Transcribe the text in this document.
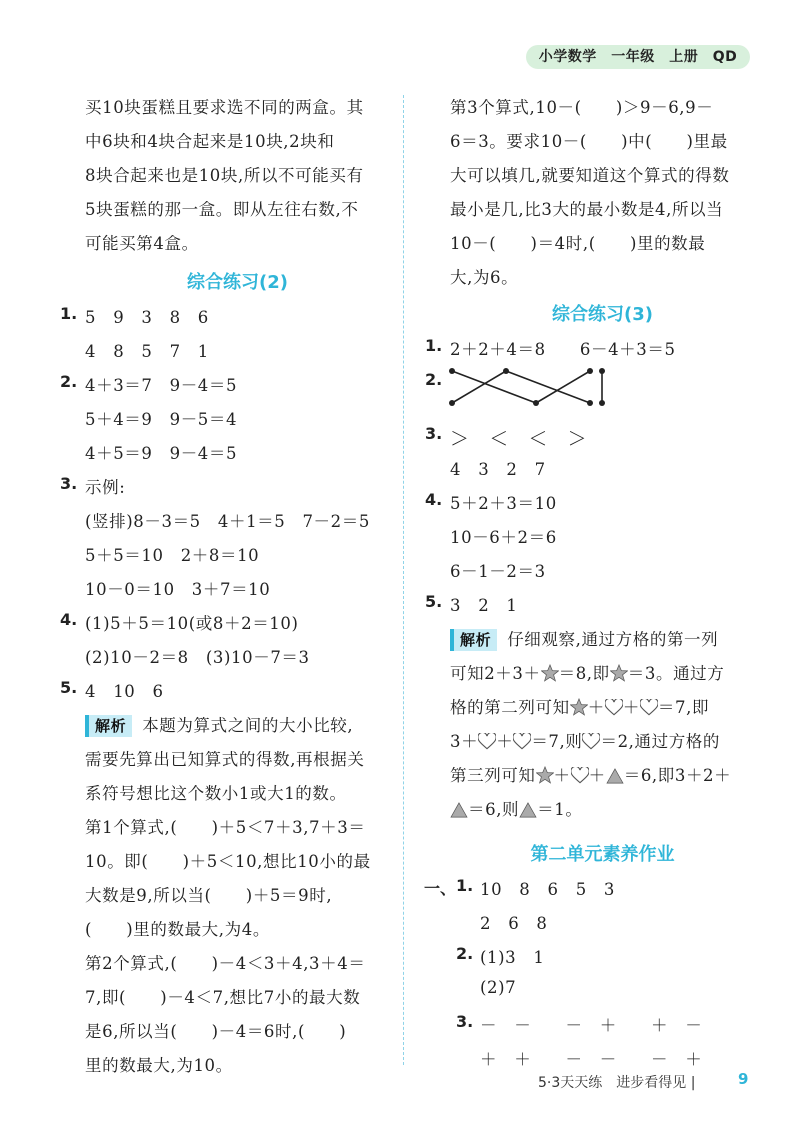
小学数学　一年级　上册　QD
买10块蛋糕且要求选不同的两盒。其
中6块和4块合起来是10块,2块和
8块合起来也是10块,所以不可能买有
5块蛋糕的那一盒。即从左往右数,不
可能买第4盒。
综合练习(2)
1. 5　9　3　8　6
4　8　5　7　1
2. 4＋3＝7　9－4＝5
5＋4＝9　9－5＝4
4＋5＝9　9－4＝5
3. 示例:
(竖排)8－3＝5　4＋1＝5　7－2＝5
5＋5＝10　2＋8＝10
10－0＝10　3＋7＝10
4. (1)5＋5＝10(或8＋2＝10)
(2)10－2＝8　(3)10－7＝3
5. 4　10　6
解析 本题为算式之间的大小比较,
需要先算出已知算式的得数,再根据关
系符号想比这个数小1或大1的数。
第1个算式,(　　)＋5＜7＋3,7＋3＝
10。即(　　)＋5＜10,想比10小的最
大数是9,所以当(　　)＋5＝9时,
(　　)里的数最大,为4。
第2个算式,(　　)－4＜3＋4,3＋4＝
7,即(　　)－4＜7,想比7小的最大数
是6,所以当(　　)－4＝6时,(　　)
里的数最大,为10。
第3个算式,10－(　　)＞9－6,9－
6＝3。要求10－(　　)中(　　)里最
大可以填几,就要知道这个算式的得数
最小是几,比3大的最小数是4,所以当
10－(　　)＝4时,(　　)里的数最
大,为6。
综合练习(3)
1. 2＋2＋4＝8　　6－4＋3＝5
2.
3. ＞　＜　＜　＞
4　3　2　7
4. 5＋2＋3＝10
10－6＋2＝6
6－1－2＝3
5. 3　2　1
解析 仔细观察,通过方格的第一列
可知2＋3＋ ＝8,即 ＝3。通过方
格的第二列可知 ＋ ＋ ＝7,即
3＋ ＋ ＝7,则 ＝2,通过方格的
第三列可知 ＋ ＋ ＝6,即3＋2＋
＝6,则 ＝1。
第二单元素养作业
一、 1. 10　8　6　5　3
2　6　8
2. (1)3　1
(2)7
3. －　－　　－　＋　　＋　－
＋　＋　　－　－　　－　＋
5·3天天练　进步看得见 |	9
